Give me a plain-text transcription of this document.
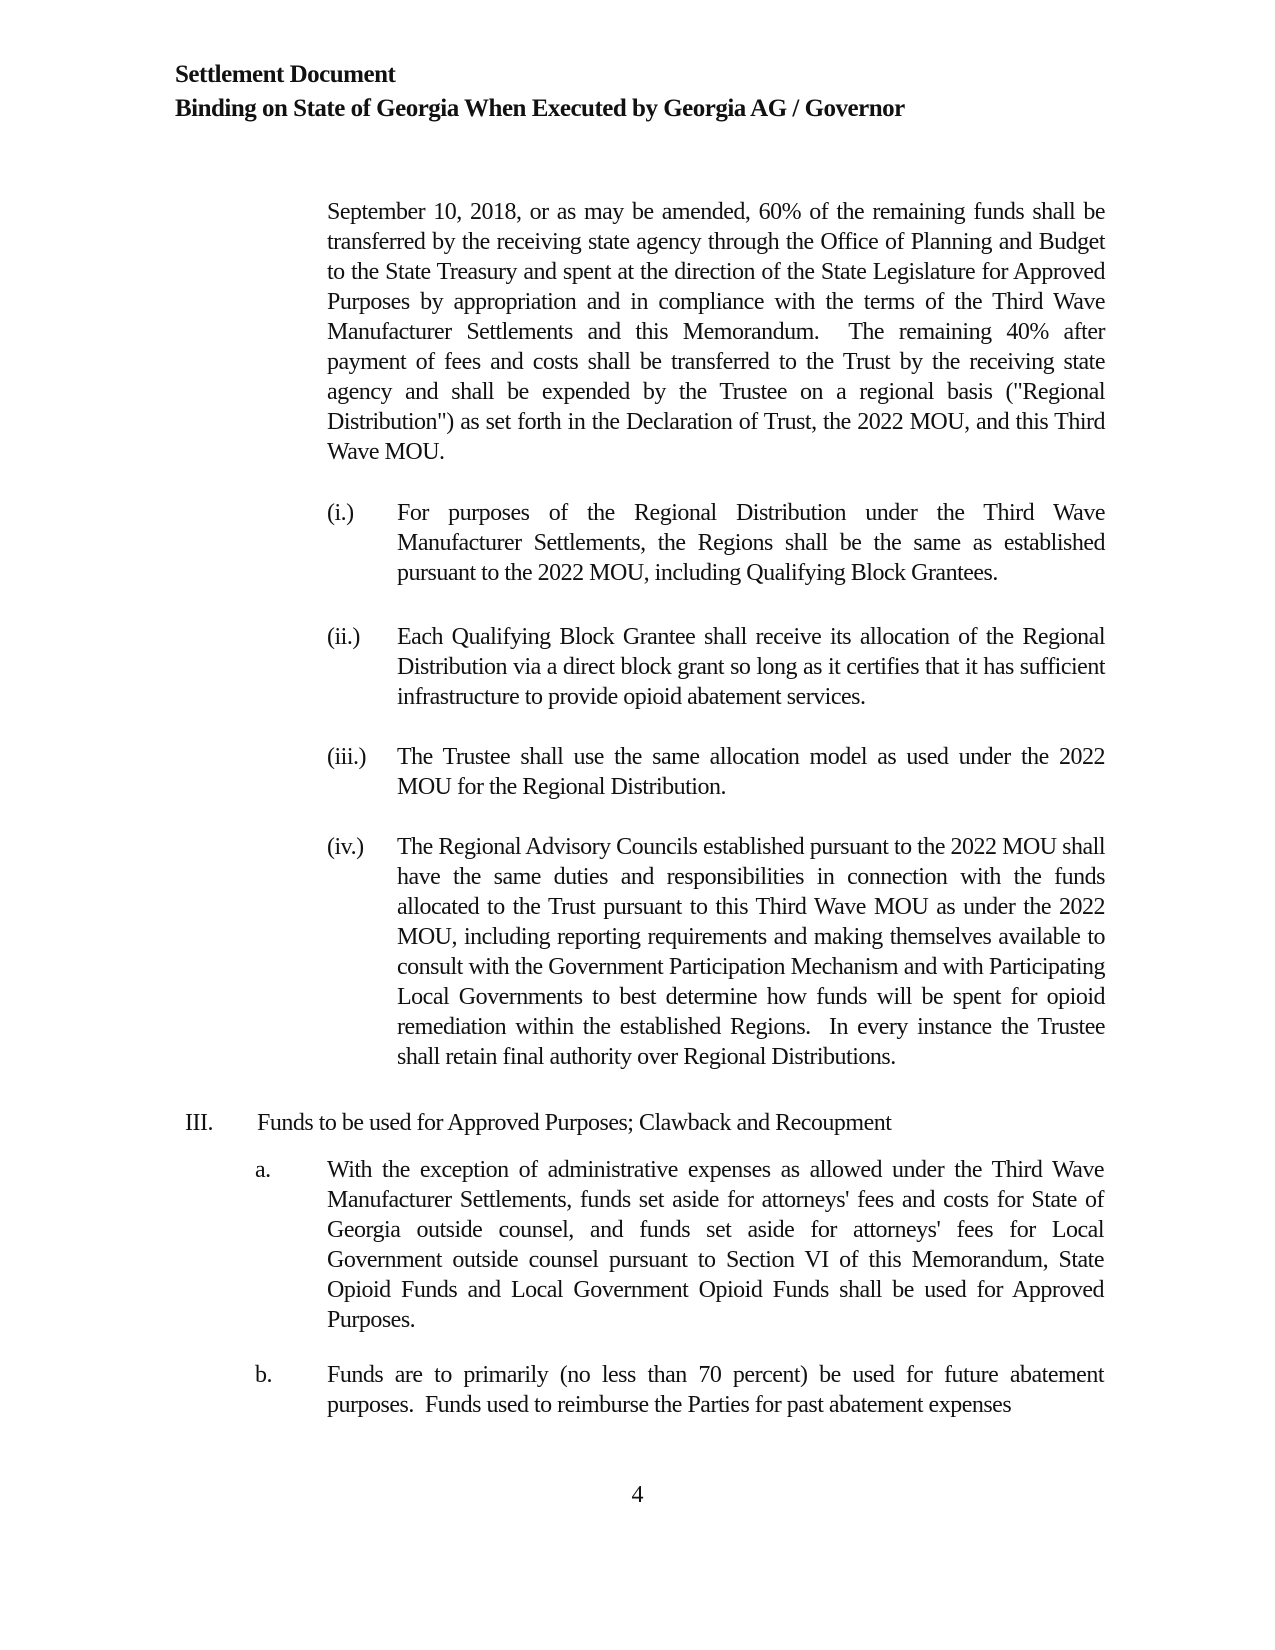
Settlement Document
Binding on State of Georgia When Executed by Georgia AG / Governor
September 10, 2018, or as may be amended, 60% of the remaining funds shall be transferred by the receiving state agency through the Office of Planning and Budget to the State Treasury and spent at the direction of the State Legislature for Approved Purposes by appropriation and in compliance with the terms of the Third Wave Manufacturer Settlements and this Memorandum.  The remaining 40% after payment of fees and costs shall be transferred to the Trust by the receiving state agency and shall be expended by the Trustee on a regional basis ("Regional Distribution") as set forth in the Declaration of Trust, the 2022 MOU, and this Third Wave MOU.
(i.) For purposes of the Regional Distribution under the Third Wave Manufacturer Settlements, the Regions shall be the same as established pursuant to the 2022 MOU, including Qualifying Block Grantees.
(ii.) Each Qualifying Block Grantee shall receive its allocation of the Regional Distribution via a direct block grant so long as it certifies that it has sufficient infrastructure to provide opioid abatement services.
(iii.) The Trustee shall use the same allocation model as used under the 2022 MOU for the Regional Distribution.
(iv.) The Regional Advisory Councils established pursuant to the 2022 MOU shall have the same duties and responsibilities in connection with the funds allocated to the Trust pursuant to this Third Wave MOU as under the 2022 MOU, including reporting requirements and making themselves available to consult with the Government Participation Mechanism and with Participating Local Governments to best determine how funds will be spent for opioid remediation within the established Regions.  In every instance the Trustee shall retain final authority over Regional Distributions.
III. Funds to be used for Approved Purposes; Clawback and Recoupment
a. With the exception of administrative expenses as allowed under the Third Wave Manufacturer Settlements, funds set aside for attorneys' fees and costs for State of Georgia outside counsel, and funds set aside for attorneys' fees for Local Government outside counsel pursuant to Section VI of this Memorandum, State Opioid Funds and Local Government Opioid Funds shall be used for Approved Purposes.
b. Funds are to primarily (no less than 70 percent) be used for future abatement purposes.  Funds used to reimburse the Parties for past abatement expenses
4
